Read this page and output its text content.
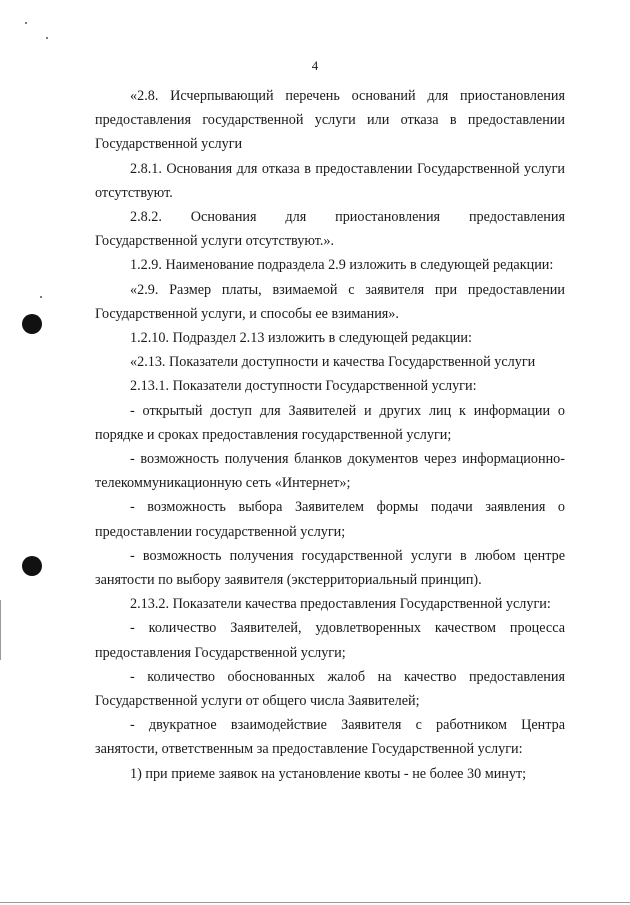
4

«2.8. Исчерпывающий перечень оснований для приостановления предоставления государственной услуги или отказа в предоставлении Государственной услуги

2.8.1. Основания для отказа в предоставлении Государственной услуги отсутствуют.

2.8.2. Основания для приостановления предоставления Государственной услуги отсутствуют.».

1.2.9. Наименование подраздела 2.9 изложить в следующей редакции:

«2.9. Размер платы, взимаемой с заявителя при предоставлении Государственной услуги, и способы ее взимания».

1.2.10. Подраздел 2.13 изложить в следующей редакции:

«2.13. Показатели доступности и качества Государственной услуги

2.13.1. Показатели доступности Государственной услуги:

- открытый доступ для Заявителей и других лиц к информации о порядке и сроках предоставления государственной услуги;

- возможность получения бланков документов через информационно-телекоммуникационную сеть «Интернет»;

- возможность выбора Заявителем формы подачи заявления о предоставлении государственной услуги;

- возможность получения государственной услуги в любом центре занятости по выбору заявителя (экстерриториальный принцип).

2.13.2. Показатели качества предоставления Государственной услуги:

- количество Заявителей, удовлетворенных качеством процесса предоставления Государственной услуги;

- количество обоснованных жалоб на качество предоставления Государственной услуги от общего числа Заявителей;

- двукратное взаимодействие Заявителя с работником Центра занятости, ответственным за предоставление Государственной услуги:

1) при приеме заявок на установление квоты - не более 30 минут;
